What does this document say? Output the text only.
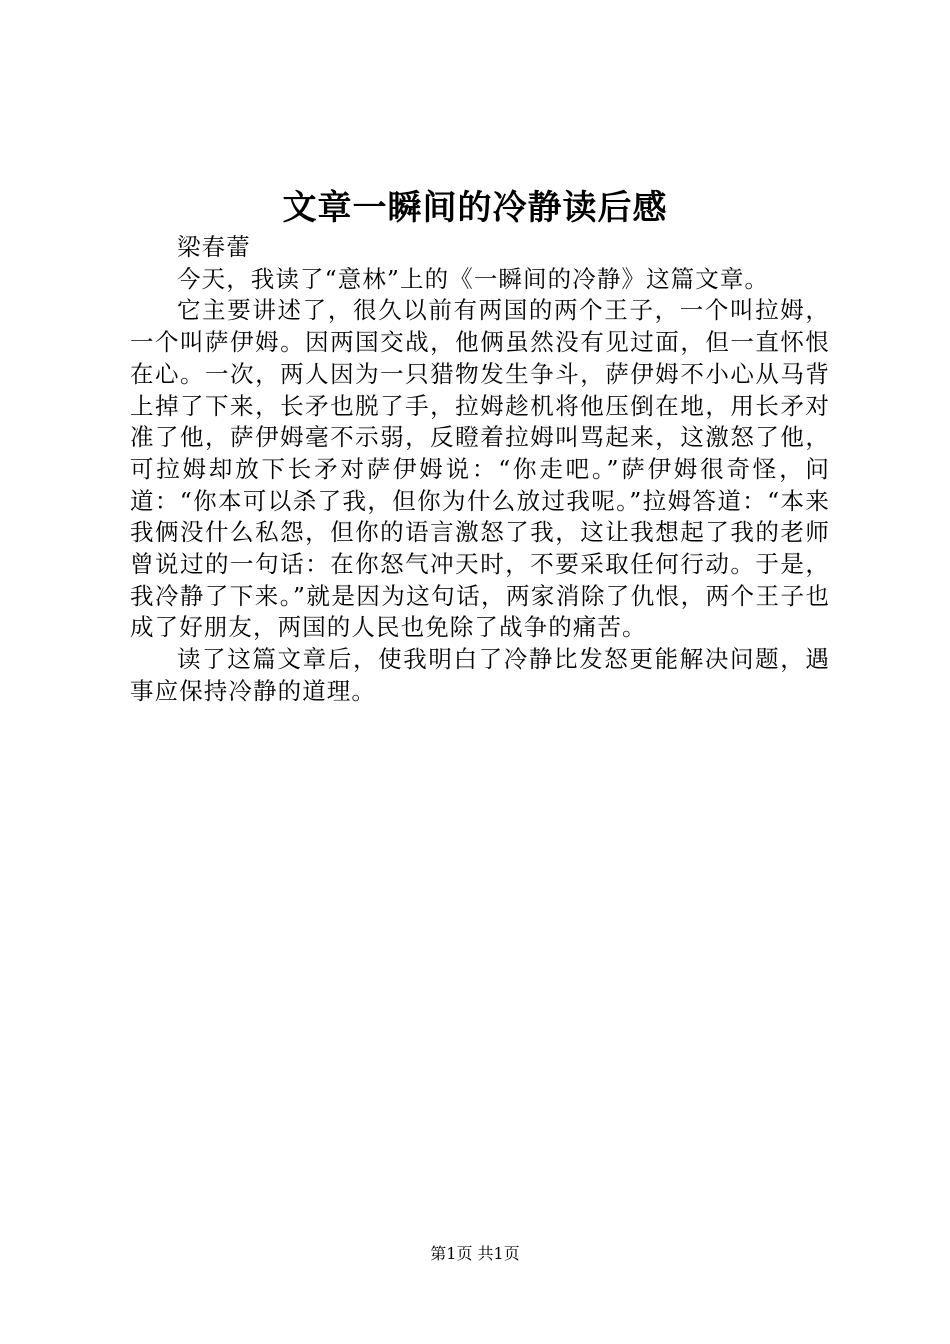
文章一瞬间的冷静读后感

梁春蕾

今天，我读了“意林”上的《一瞬间的冷静》这篇文章。

它主要讲述了，很久以前有两国的两个王子，一个叫拉姆，一个叫萨伊姆。因两国交战，他俩虽然没有见过面，但一直怀恨在心。一次，两人因为一只猎物发生争斗，萨伊姆不小心从马背上掉了下来，长矛也脱了手，拉姆趁机将他压倒在地，用长矛对准了他，萨伊姆毫不示弱，反瞪着拉姆叫骂起来，这激怒了他，可拉姆却放下长矛对萨伊姆说：“你走吧。”萨伊姆很奇怪，问道：“你本可以杀了我，但你为什么放过我呢。”拉姆答道：“本来我俩没什么私怨，但你的语言激怒了我，这让我想起了我的老师曾说过的一句话：在你怒气冲天时，不要采取任何行动。于是，我冷静了下来。”就是因为这句话，两家消除了仇恨，两个王子也成了好朋友，两国的人民也免除了战争的痛苦。

读了这篇文章后，使我明白了冷静比发怒更能解决问题，遇事应保持冷静的道理。

第1页 共1页
